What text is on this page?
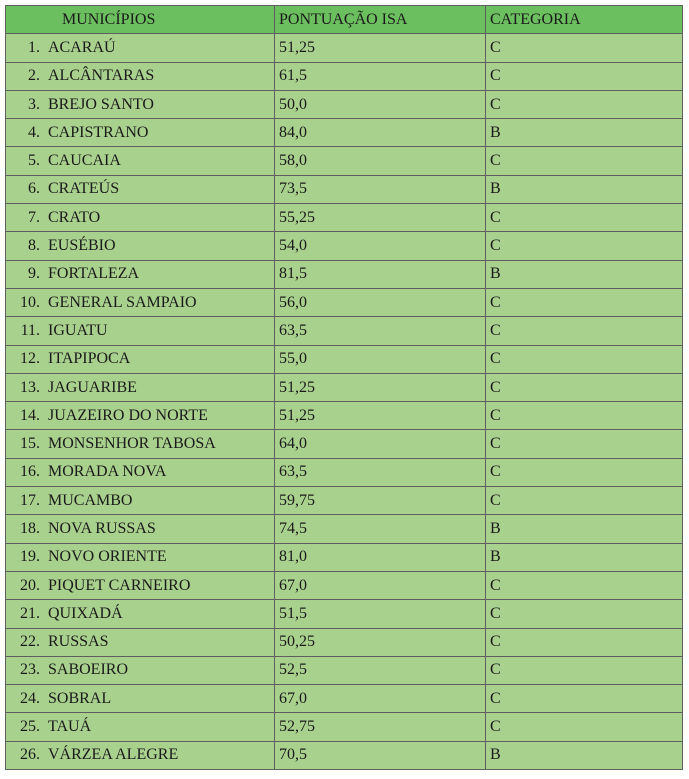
MUNICÍPIOS	PONTUAÇÃO ISA	CATEGORIA
1. ACARAÚ	51,25	C
2. ALCÂNTARAS	61,5	C
3. BREJO SANTO	50,0	C
4. CAPISTRANO	84,0	B
5. CAUCAIA	58,0	C
6. CRATEÚS	73,5	B
7. CRATO	55,25	C
8. EUSÉBIO	54,0	C
9. FORTALEZA	81,5	B
10. GENERAL SAMPAIO	56,0	C
11. IGUATU	63,5	C
12. ITAPIPOCA	55,0	C
13. JAGUARIBE	51,25	C
14. JUAZEIRO DO NORTE	51,25	C
15. MONSENHOR TABOSA	64,0	C
16. MORADA NOVA	63,5	C
17. MUCAMBO	59,75	C
18. NOVA RUSSAS	74,5	B
19. NOVO ORIENTE	81,0	B
20. PIQUET CARNEIRO	67,0	C
21. QUIXADÁ	51,5	C
22. RUSSAS	50,25	C
23. SABOEIRO	52,5	C
24. SOBRAL	67,0	C
25. TAUÁ	52,75	C
26. VÁRZEA ALEGRE	70,5	B
